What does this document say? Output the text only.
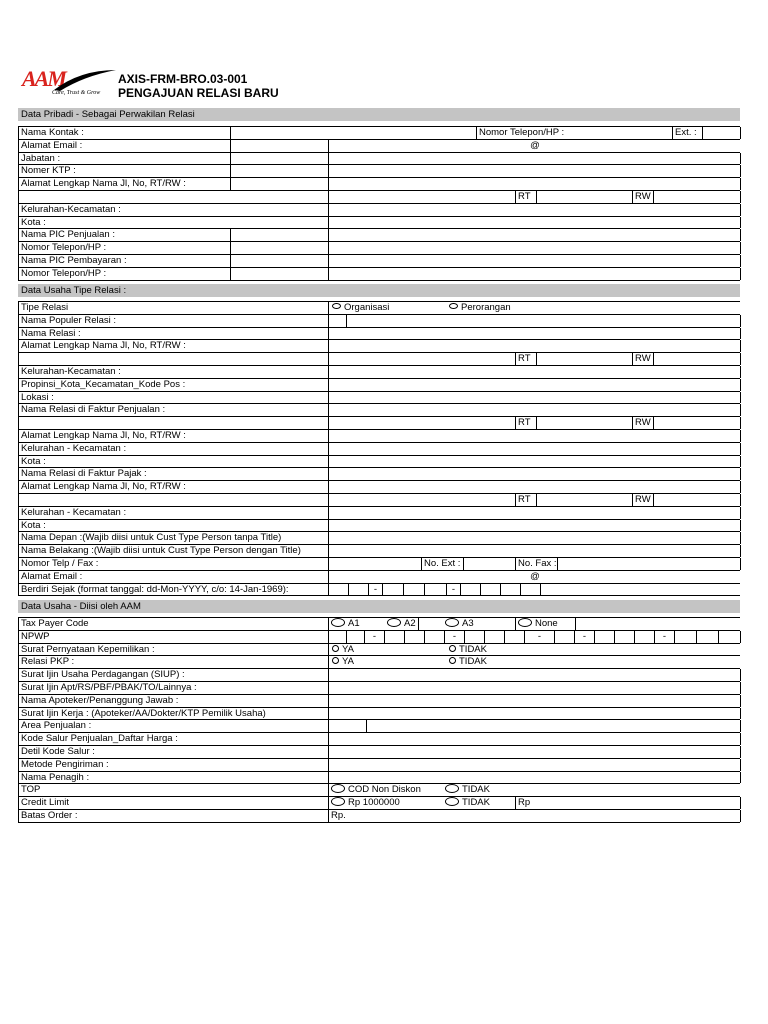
AAM
Care, Trust & Grow
AXIS-FRM-BRO.03-001
PENGAJUAN RELASI BARU
Data Pribadi - Sebagai Perwakilan Relasi
Nama Kontak :	Nomor Telepon/HP :	Ext. :
Alamat Email :	@
Jabatan :
Nomer KTP :
Alamat Lengkap Nama Jl, No, RT/RW :
RT	RW
Kelurahan-Kecamatan :
Kota :
Nama PIC Penjualan :
Nomor Telepon/HP :
Nama PIC Pembayaran :
Nomor Telepon/HP :
Data Usaha Tipe Relasi :
Tipe Relasi	Organisasi	Perorangan
Nama Populer Relasi :
Nama Relasi :
Alamat Lengkap Nama Jl, No, RT/RW :
RT	RW
Kelurahan-Kecamatan :
Propinsi_Kota_Kecamatan_Kode Pos :
Lokasi :
Nama Relasi di Faktur Penjualan :
RT	RW
Alamat Lengkap Nama Jl, No, RT/RW :
Kelurahan - Kecamatan :
Kota :
Nama Relasi di Faktur Pajak :
Alamat Lengkap Nama Jl, No, RT/RW :
RT	RW
Kelurahan - Kecamatan :
Kota :
Nama Depan :(Wajib diisi untuk Cust Type Person tanpa Title)
Nama Belakang :(Wajib diisi untuk Cust Type Person dengan Title)
Nomor Telp / Fax :	No. Ext :	No. Fax :
Alamat Email :	@
Berdiri Sejak (format tanggal: dd-Mon-YYYY, c/o: 14-Jan-1969):	-	-
Data Usaha - Diisi oleh AAM
Tax Payer Code	A1	A2	A3	None
NPWP	-	-	-	-	-
Surat Pernyataan Kepemilikan :	YA	TIDAK
Relasi PKP :	YA	TIDAK
Surat Ijin Usaha Perdagangan (SIUP) :
Surat Ijin Apt/RS/PBF/PBAK/TO/Lainnya :
Nama Apoteker/Penanggung Jawab :
Surat Ijin Kerja : (Apoteker/AA/Dokter/KTP Pemilik Usaha)
Area Penjualan :
Kode Salur Penjualan_Daftar Harga :
Detil Kode Salur :
Metode Pengiriman :
Nama Penagih :
TOP	COD Non Diskon	TIDAK
Credit Limit	Rp 1000000	TIDAK	Rp
Batas Order :	Rp.
